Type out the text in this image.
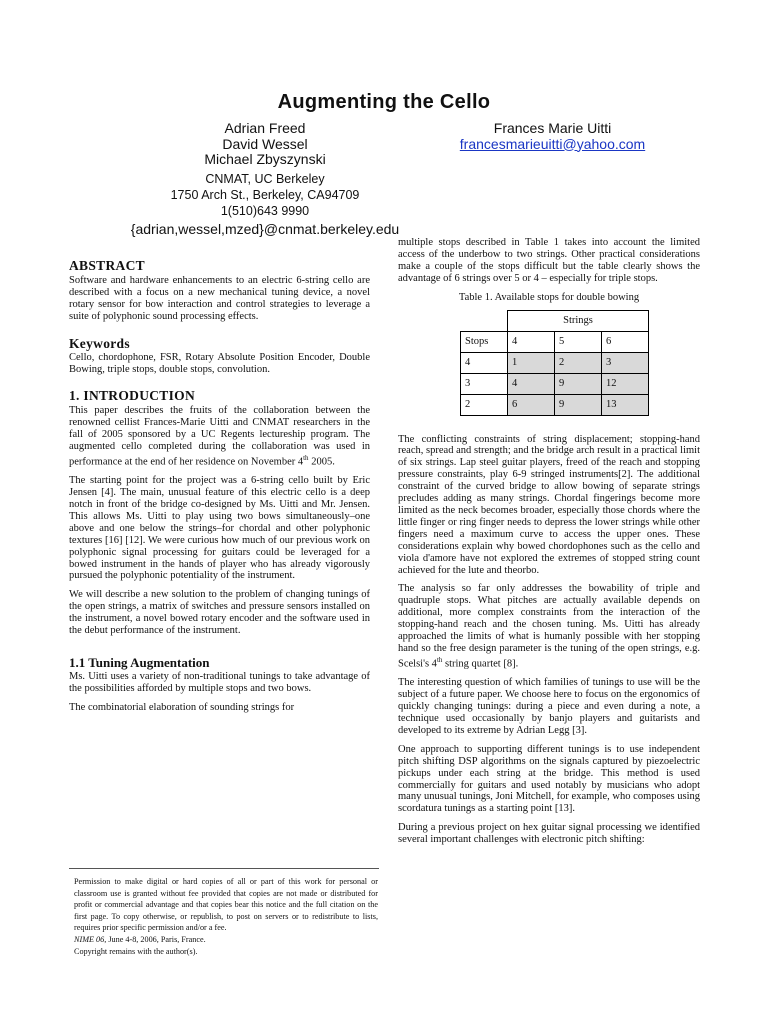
Augmenting the Cello
Adrian Freed
David Wessel
Michael Zbyszynski
CNMAT, UC Berkeley
1750 Arch St., Berkeley, CA94709
1(510)643 9990
{adrian,wessel,mzed}@cnmat.berkeley.edu
Frances Marie Uitti
francesmarieuitti@yahoo.com
ABSTRACT

Software and hardware enhancements to an electric 6-string cello are described with a focus on a new mechanical tuning device, a novel rotary sensor for bow interaction and control strategies to leverage a suite of polyphonic sound processing effects.

Keywords

Cello, chordophone, FSR, Rotary Absolute Position Encoder, Double Bowing, triple stops, double stops, convolution.

1. INTRODUCTION

This paper describes the fruits of the collaboration between the renowned cellist Frances-Marie Uitti and CNMAT researchers in the fall of 2005 sponsored by a UC Regents lectureship program. The augmented cello completed during the collaboration was used in performance at the end of her residence on November 4th 2005.

The starting point for the project was a 6-string cello built by Eric Jensen [4]. The main, unusual feature of this electric cello is a deep notch in front of the bridge co-designed by Ms. Uitti and Mr. Jensen. This allows Ms. Uitti to play using two bows simultaneously–one above and one below the strings–for chordal and other polyphonic textures [16] [12]. We were curious how much of our previous work on polyphonic signal processing for guitars could be leveraged for a bowed instrument in the hands of player who has already vigorously pursued the polyphonic potentiality of the instrument.

We will describe a new solution to the problem of changing tunings of the open strings, a matrix of switches and pressure sensors installed on the instrument, a novel bowed rotary encoder and the software used in the debut performance of the instrument.

1.1 Tuning Augmentation

Ms. Uitti uses a variety of non-traditional tunings to take advantage of the possibilities afforded by multiple stops and two bows.

The combinatorial elaboration of sounding strings for

Permission to make digital or hard copies of all or part of this work for personal or classroom use is granted without fee provided that copies are not made or distributed for profit or commercial advantage and that copies bear this notice and the full citation on the first page. To copy otherwise, or republish, to post on servers or to redistribute to lists, requires prior specific permission and/or a fee.
NIME 06, June 4-8, 2006, Paris, France.
Copyright remains with the author(s).

multiple stops described in Table 1 takes into account the limited access of the underbow to two strings. Other practical considerations make a couple of the stops difficult but the table clearly shows the advantage of 6 strings over 5 or 4 – especially for triple stops.

Table 1. Available stops for double bowing
	Strings		
Stops	4	5	6
4	1	2	3
3	4	9	12
2	6	9	13

The conflicting constraints of string displacement; stopping-hand reach, spread and strength; and the bridge arch result in a practical limit of six strings. Lap steel guitar players, freed of the reach and stopping pressure constraints, play 6-9 stringed instruments[2]. The additional constraint of the curved bridge to allow bowing of separate strings precludes adding as many strings. Chordal fingerings become more limited as the neck becomes broader, especially those chords where the little finger or ring finger needs to depress the lower strings while other fingers need a maximum curve to access the upper ones. These considerations explain why bowed chordophones such as the cello and viola d'amore have not explored the extremes of stopped string count achieved for the lute and theorbo.

The analysis so far only addresses the bowability of triple and quadruple stops. What pitches are actually available depends on additional, more complex constraints from the interaction of the stopping-hand reach and the chosen tuning. Ms. Uitti has already approached the limits of what is humanly possible with her stopping hand so the free design parameter is the tuning of the open strings, e.g. Scelsi's 4th string quartet [8].

The interesting question of which families of tunings to use will be the subject of a future paper. We choose here to focus on the ergonomics of quickly changing tunings: during a piece and even during a note, a technique used occasionally by banjo players and guitarists and developed to its extreme by Adrian Legg [3].

One approach to supporting different tunings is to use independent pitch shifting DSP algorithms on the signals captured by piezoelectric pickups under each string at the bridge. This method is used commercially for guitars and used notably by musicians who adopt many unusual tunings, Joni Mitchell, for example, who composes using scordatura tunings as a starting point [13].

During a previous project on hex guitar signal processing we identified several important challenges with electronic pitch shifting:
